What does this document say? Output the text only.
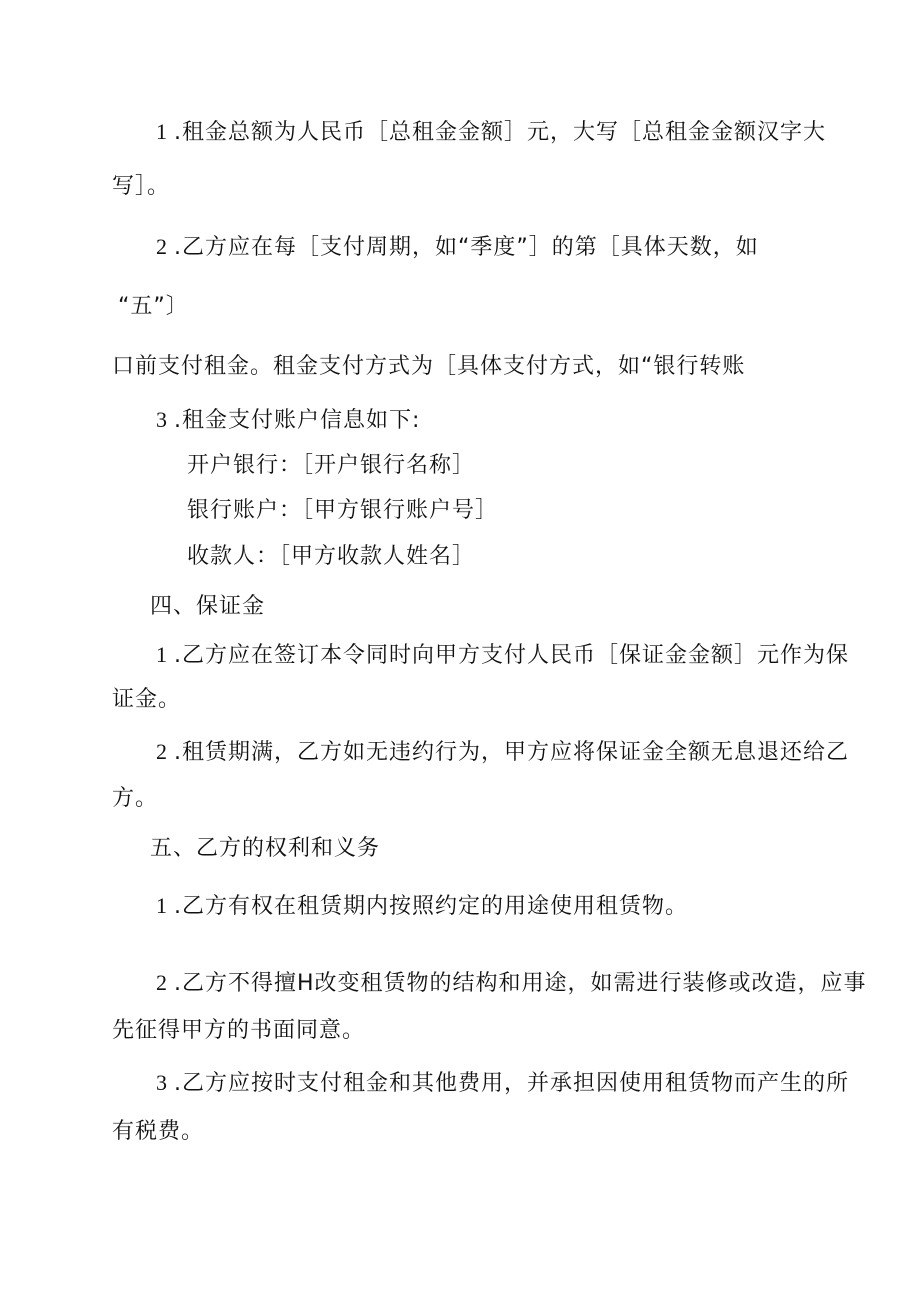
1 .租金总额为人民币［总租金金额］元，大写［总租金金额汉字大

写］。

2 .乙方应在每［支付周期，如“季度”］的第［具体天数，如

“五”〕

口前支付租金。租金支付方式为［具体支付方式，如“银行转账

3 .租金支付账户信息如下:

开户银行：［开户银行名称］

银行账户：［甲方银行账户号］

收款人：［甲方收款人姓名］

四、保证金

1 .乙方应在签订本令同时向甲方支付人民币［保证金金额］元作为保

证金。

2 .租赁期满，乙方如无违约行为，甲方应将保证金全额无息退还给乙

方。

五、乙方的权利和义务

1 .乙方有权在租赁期内按照约定的用途使用租赁物。

2 .乙方不得擅H改变租赁物的结构和用途，如需进行装修或改造，应事

先征得甲方的书面同意。

3 .乙方应按时支付租金和其他费用，并承担因使用租赁物而产生的所

有税费。
